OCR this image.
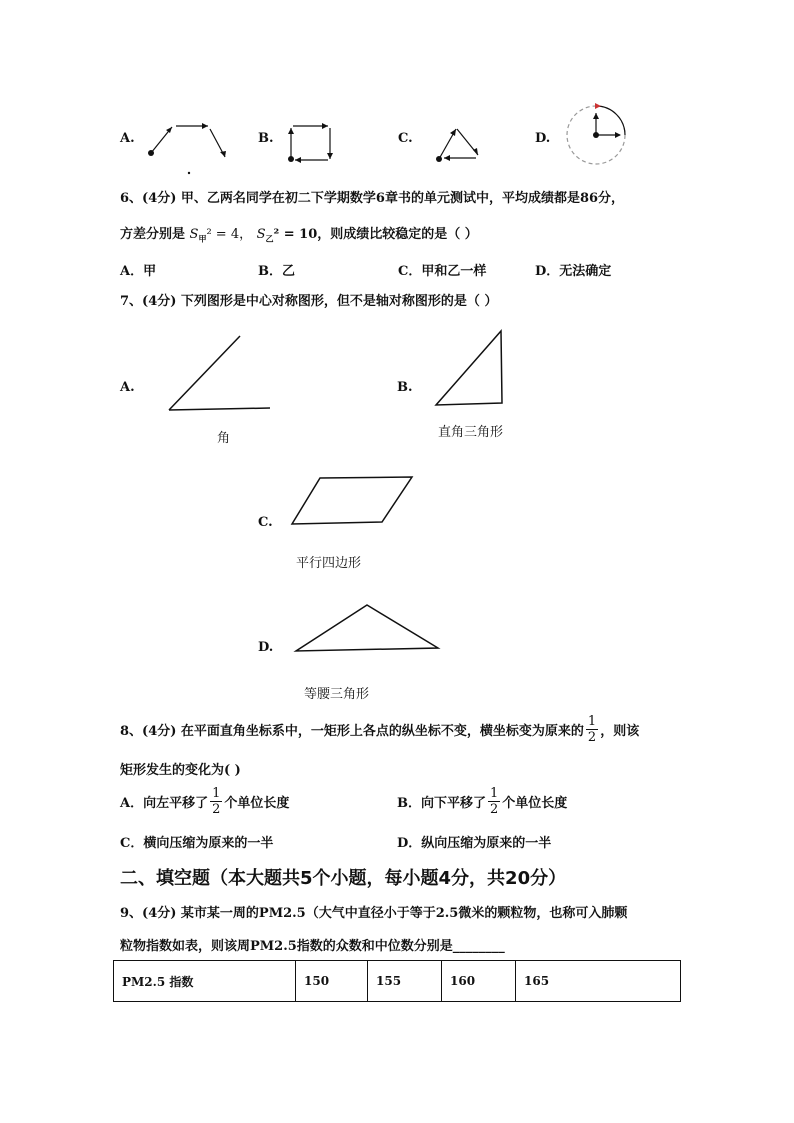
A.	B.	C.	D.
6、(4分) 甲、乙两名同学在初二下学期数学6章书的单元测试中，平均成绩都是86分，
方差分别是 $S_甲^2 = 4$， $S_乙^2 = 10$，则成绩比较稳定的是（ ）
A．甲	B．乙	C．甲和乙一样	D．无法确定
7、(4分) 下列图形是中心对称图形，但不是轴对称图形的是（ ）
A.
角
B.
直角三角形
C.
平行四边形
D.
等腰三角形
8、(4分) 在平面直角坐标系中，一矩形上各点的纵坐标不变，横坐标变为原来的 $\frac{1}{2}$ ，则该
矩形发生的变化为( )
A．向左平移了 $\frac{1}{2}$ 个单位长度	B．向下平移了 $\frac{1}{2}$ 个单位长度
C．横向压缩为原来的一半	D．纵向压缩为原来的一半
二、填空题（本大题共5个小题，每小题4分，共20分）
9、(4分) 某市某一周的PM2.5（大气中直径小于等于2.5微米的颗粒物，也称可入肺颗
粒物指数如表，则该周PM2.5指数的众数和中位数分别是________
PM2.5 指数	150	155	160	165
